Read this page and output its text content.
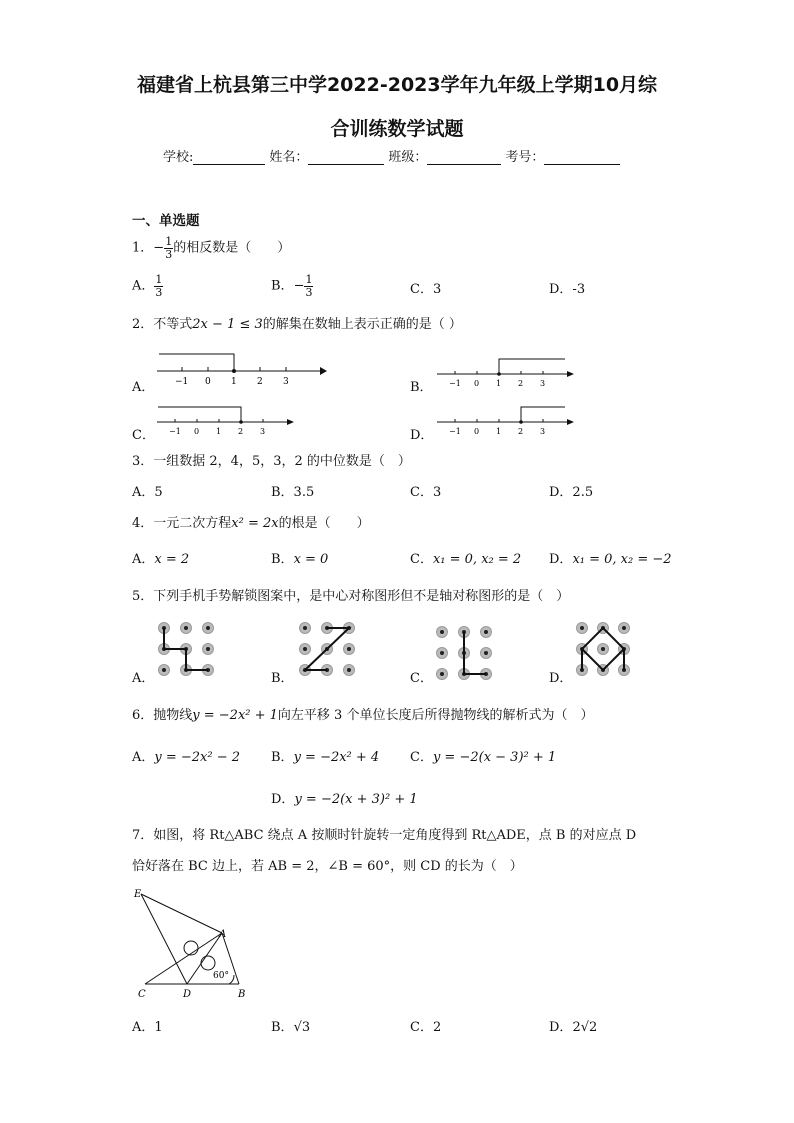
福建省上杭县第三中学2022-2023学年九年级上学期10月综
合训练数学试题
学校:	姓名：	班级：	考号：
一、单选题
1．− $\frac{1}{3}$ 的相反数是（　　）
A． $\frac{1}{3}$	B．− $\frac{1}{3}$	C．3	D．-3
2．不等式2x − 1 ≤ 3的解集在数轴上表示正确的是（ ）
A． −1 0 1 2 3	B． −1 0 1 2 3
C． −1 0 1 2 3	D． −1 0 1 2 3
3．一组数据 2，4，5，3，2 的中位数是（　）
A．5	B．3.5	C．3	D．2.5
4．一元二次方程x² = 2x的根是（　　）
A．x = 2	B．x = 0	C．x₁ = 0, x₂ = 2 D．x₁ = 0, x₂ = −2
5．下列手机手势解锁图案中，是中心对称图形但不是轴对称图形的是（　）
A．	B．	C．	D．
6．抛物线y = −2x² + 1向左平移 3 个单位长度后所得抛物线的解析式为（　）
A．y = −2x² − 2 B．y = −2x² + 4 C．y = −2(x − 3)² + 1
D．y = −2(x + 3)² + 1
7．如图，将 Rt△ABC 绕点 A 按顺时针旋转一定角度得到 Rt△ADE，点 B 的对应点 D
恰好落在 BC 边上，若 AB = 2，∠B = 60°，则 CD 的长为（　）
E
A
C	D	B
60°
A．1	B．√3	C．2	D．2√2
